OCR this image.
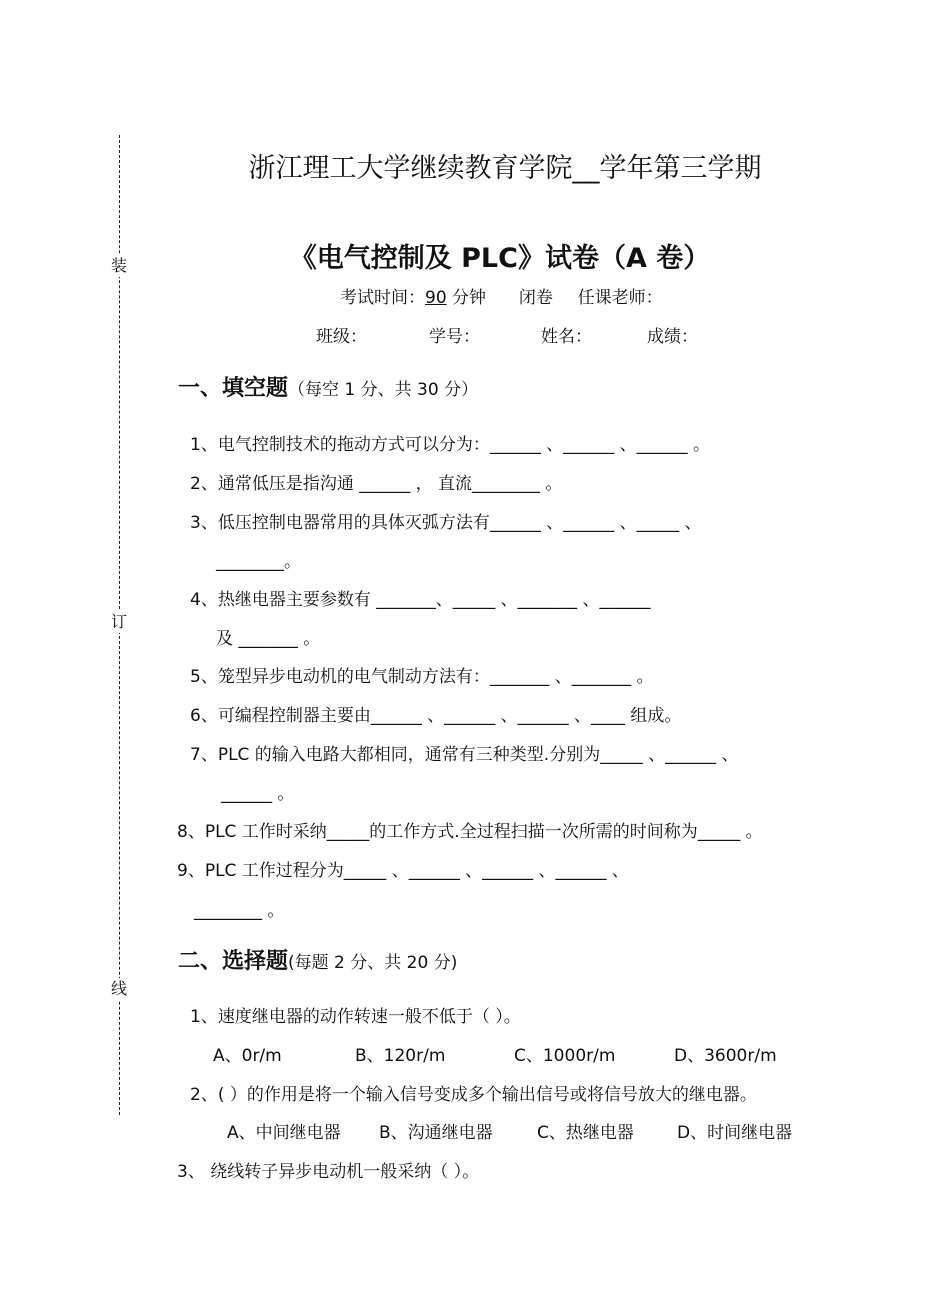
装
订
线
浙江理工大学继续教育学院__学年第三学期
《电气控制及 PLC》试卷（A 卷）
考试时间：90 分钟 闭卷 任课老师：
班级：	学号：	姓名：	成绩：
一、填空题（每空 1 分、共 30 分）
1、电气控制技术的拖动方式可以分为：______ 、______ 、______ 。
2、通常低压是指沟通 ______ ， 直流________ 。
3、低压控制电器常用的具体灭弧方法有______ 、______ 、_____ 、
________。
4、热继电器主要参数有 _______、_____ 、_______ 、______
及 _______ 。
5、笼型异步电动机的电气制动方法有：_______ 、_______ 。
6、可编程控制器主要由______ 、______ 、______ 、____ 组成。
7、PLC 的输入电路大都相同，通常有三种类型.分别为_____ 、______ 、
______ 。
8、PLC 工作时采纳_____的工作方式.全过程扫描一次所需的时间称为_____ 。
9、PLC 工作过程分为_____ 、______ 、______ 、______ 、
________ 。
二、选择题(每题 2 分、共 20 分)
1、速度继电器的动作转速一般不低于（ ）。
A、0r/m	B、120r/m	C、1000r/m	D、3600r/m
2、( ）的作用是将一个输入信号变成多个输出信号或将信号放大的继电器。
A、中间继电器 B、沟通继电器	C、热继电器	D、时间继电器
3、 绕线转子异步电动机一般采纳（ ）。
